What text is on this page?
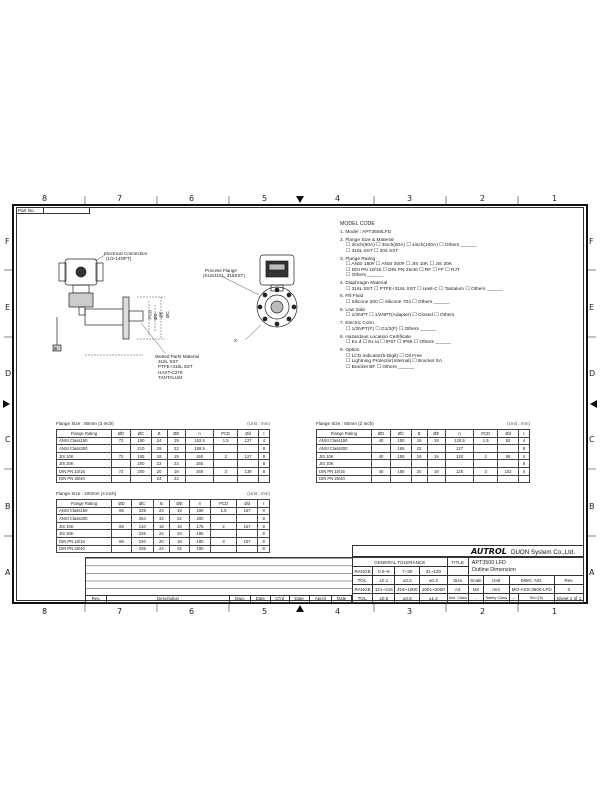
8	7	6	5	4	3	2	1
8	7	6	5	4	3	2	1
F
E
D
C
B
A
F
E
D
C
B
A
Part No.
Electrical Connection
(1/2-14NPT)
Process Flange
(SUS316L, 316SST)
Wetted Parts Material
316L SST
PTFE+316L SST
HAST-C276
TANTALUM
PCD ØD ØE ØC
B
X
MODEL CODE
1. Model : APT3500LFD
2. Flange Size & Material
☐ 2inch(50A) ☐ 3inch(80A) ☐ 4inch(100A) ☐ Others ______
☐ 316L SST ☐ 304 SST
3. Flange Rating
☐ ANSI 150# ☐ ANSI 300# ☐ JIS 10K ☐ JIS 20K
☐ DIN PN 10/16 ☐ DIN PN 25/40 ☐ RF ☐ FF ☐ RJT
☐ Others ______
4. Diaphragm Material
☐ 316L SST ☐ PTFE+316L SST ☐ Hast-C ☐ Tantalum ☐ Others ______
5. Fill Fluid
☐ Silicone 200 ☐ Silicone 704 ☐ Others ______
6. Low Side
☐ 1/4NPT ☐ 1/2NPT(Adapter) ☐ Closed ☐ Others
7. Electric Conn.
☐ 1/2NPT(F) ☐ G1/2(F) ☐ Others ______
8. Hazardous Location Certificate
☐ Ex d ☐ Ex ia ☐ IP67 ☐ IP66 ☐ Others ______
9. Option
☐ LCD Indicator(5-Digit) ☐ Oil Free
☐ Lightning Protector(Internal) ☐ Bracket SA
☐ Bracket BF ☐ Others ______
Flange Size : 80mm (3 Inch)	(Unit : mm)
Flange Rating	ØD	ØC	B	ØE	n	PCD	Ød	t
ANSI Class150	72	190	24	19	152.5	1.5	127	4
ANSI Class300		210	29	22	168.5			8
JIS 10K	72	185	18	19	150	2	127	8
JIS 20K		200	22	23	160			8
DIN PN 10/16	72	200	20	18	160	3	138	8
DIN PN 25/40			24	22				
Flange Size : 50mm (2 Inch)	(Unit : mm)
Flange Rating	ØD	ØC	B	ØE	n	PCD	Ød	t
ANSI Class150	40	150	19	19	120.5	1.5	92	4
ANSI Class300		165	22		127			8
JIS 10K	40	155	16	19	120	2	96	4
JIS 20K								8
DIN PN 10/16	40	165	20	18	125	3	102	4
DIN PN 25/40								
Flange Size : 100mm (4 Inch)	(Unit : mm)
Flange Rating	ØD	ØC	B	ØE	n	PCD	Ød	t
ANSI Class150	86	229	24	19	190	1.5	157	8
ANSI Class300		254	32	22	200			8
JIS 10K	86	210	18	19	175	2	157	8
JIS 20K		225	24	23	185			8
DIN PN 10/16	86	220	20	18	180	3	157	8
DIN PN 25/40		235	24	22	190			8
Rev.	Description	Dwg.	Date	Ch'd	Date	App'd	Date
AUTROL DUON System Co.,Ltd.
GENERAL TOLERANCE				TITLE	APT3500 LFD
Outline Dimension				

RANGE	0.5~6	7~30	31~120						
TOL.	±0.1	±0.2	±0.3	Size	Scale	Unit	DWG. NO.		Rev.
RANGE	121~315	316~1000	1001~2000	A3	NS	mm	MO-ASS-3500-LFD		0
TOL.	±0.5	±0.8	±1.2	Dist. Class	-	Safety Class	-	Set Q'ty	Sheet 1 of 1
